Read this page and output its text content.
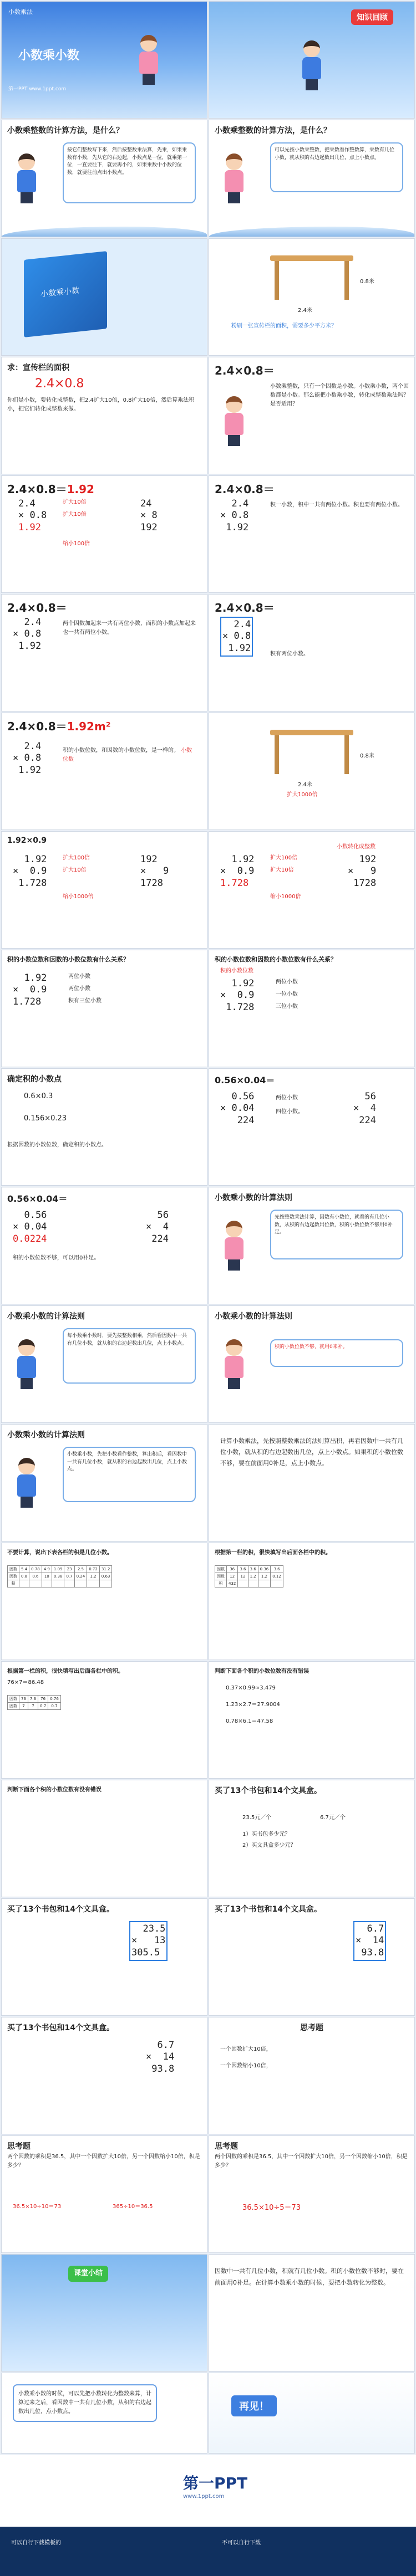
小数乘法
小数乘小数
第一PPT www.1ppt.com
知识回顾
小数乘整数的计算方法，是什么？
按它们整数写下来，然后按整数乘法算，先乘，如果乘数有小数，先从它的右边起，小数点是一位，就乘第一位，一直要往下，就要再小的，如果乘数中小数的位数，就要往前点出小数点。
小数乘整数的计算方法，是什么？
可以先按小数乘整数，把乘数看作整数算，乘数有几位小数，就从积的右边起数出几位，点上小数点。
小数乘小数
2.4米
0.8米
粉刷一张宣传栏的面积，需要多少平方米？
求：宣传栏的面积
2.4×0.8
你们是小数，要转化成整数，把2.4扩大10倍，0.8扩大10倍，然后算乘法积小，把它们转化成整数来做。
2.4×0.8＝
小数乘整数，只有一个因数是小数。小数乘小数，两个因数都是小数。那么能把小数乘小数，转化成整数乘法吗？是否适用？
2.4×0.8＝1.92
2.4
× 0.8
1.92
扩大10倍
扩大10倍
缩小100倍
24
× 8
192
2.4×0.8＝
2.4
× 0.8
1.92
积一小数，积中一共有两位小数。积也要有两位小数。
2.4×0.8＝
2.4
× 0.8
1.92
两个因数加起来一共有两位小数，而积的小数点加起来也一共有两位小数。
2.4×0.8＝
2.4
× 0.8
1.92
积有两位小数。
2.4×0.8＝1.92m²
2.4
× 0.8
1.92
积的小数位数，和因数的小数位数，是一样的。 小数位数
2.4米
0.8米
扩大1000倍
1.92×0.9
1.92
×  0.9
1.728
扩大100倍
扩大10倍
缩小1000倍
192
×   9
1728
小数转化成整数
1.92
×  0.9
1.728
扩大100倍
扩大10倍
缩小1000倍
192
×   9
1728
积的小数位数和因数的小数位数有什么关系？
1.92
×  0.9
1.728
两位小数
两位小数
积有三位小数
积的小数位数和因数的小数位数有什么关系？
1.92
×  0.9
1.728
积的小数位数
两位小数
一位小数
三位小数
确定积的小数点
0.6×0.3
0.156×0.23
根据因数的小数位数，确定积的小数点。
0.56×0.04＝
0.56
× 0.04
224
两位小数
四位小数。
56
×  4
224
0.56×0.04＝
0.56
× 0.04
0.0224
积的小数位数不够，可以用0补足。
56
×  4
224
小数乘小数的计算法则
先按整数乘法计算，因数有小数位，就看的有几位小数，从积的右边起数出位数，积的小数位数不够用0补足。
小数乘小数的计算法则
每小数乘小数时，要先按整数相乘，然后看因数中一共有几位小数，就从积的右边起数出几位，点上小数点。
小数乘小数的计算法则
积的小数位数不够，就用0来补。
小数乘小数的计算法则
小数乘小数，先把小数看作整数，算出积后，看因数中一共有几位小数，就从积的右边起数出几位，点上小数点。
计算小数乘法，先按照整数乘法的法则算出积，再看因数中一共有几位小数，就从积的右边起数出几位，点上小数点。如果积的小数位数不够，要在前面用0补足，点上小数点。
不要计算，说出下表各栏的积是几位小数。
因数	5.4	0.78	4.9	1.09	23	2.5	0.72	31.2
因数	0.8	0.6	10	0.38	0.7	0.24	1.2	0.63
积								
根据第一栏的积，很快填写出后面各栏中的积。
因数	36	3.6	3.6	0.36	3.6
因数	12	12	1.2	1.2	0.12
积	432				
根据第一栏的积，很快填写出后面各栏中的积。
76×7＝86.48
因数	76	7.6	76	0.76
因数	7	7	0.7	0.7
判断下面各个积的小数位数有没有错误
0.37×0.99≈3.479
1.23×2.7＝27.9004
0.78×6.1＝47.58
判断下面各个积的小数位数有没有错误	买了13个书包和14个文具盒。
23.5元／个	6.7元／个
1）买书包多少元？
2）买文具盒多少元？
买了13个书包和14个文具盒。
23.5
×   13
305.5
买了13个书包和14个文具盒。
6.7
×  14
93.8
买了13个书包和14个文具盒。
6.7
×  14
93.8
思考题
一个因数扩大10倍，
一个因数缩小10倍，
思考题
两个因数的乘积是36.5，其中一个因数扩大10倍，另一个因数缩小10倍，积是多少？
36.5×10÷10＝73	365÷10＝36.5
思考题
两个因数的乘积是36.5，其中一个因数扩大10倍，另一个因数缩小10倍，积是多少？
36.5×10÷5＝73
课堂小结	因数中一共有几位小数，积就有几位小数。积的小数位数不够时，要在前面用0补足。在计算小数乘小数的时候，要把小数转化为整数。
小数乘小数的时候，可以先把小数转化为整数来算，计算过来之后，看因数中一共有几位小数，从积的右边起数出几位，点小数点。	再见！
第一PPT
www.1ppt.com
可以自行下载模板的	不可以自行下载
